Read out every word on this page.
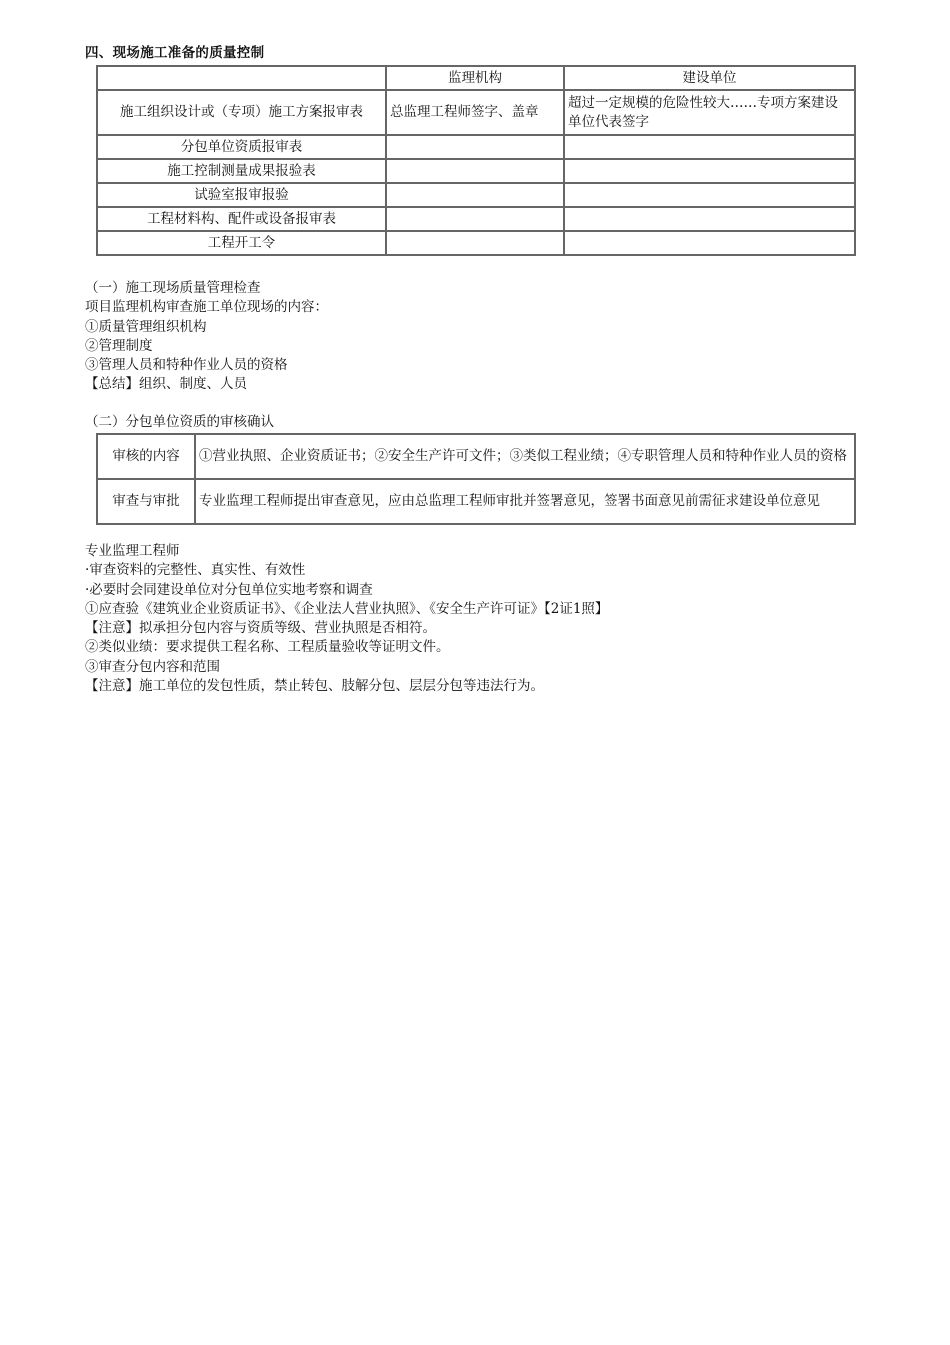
四、现场施工准备的质量控制
	监理机构	建设单位
施工组织设计或（专项）施工方案报审表	总监理工程师签字、盖章	超过一定规模的危险性较大……专项方案建设单位代表签字
分包单位资质报审表		
施工控制测量成果报验表		
试验室报审报验		
工程材料构、配件或设备报审表		
工程开工令		
（一）施工现场质量管理检查
项目监理机构审查施工单位现场的内容：
①质量管理组织机构
②管理制度
③管理人员和特种作业人员的资格
【总结】组织、制度、人员
（二）分包单位资质的审核确认
审核的内容	①营业执照、企业资质证书；②安全生产许可文件；③类似工程业绩；④专职管理人员和特种作业人员的资格
审查与审批	专业监理工程师提出审查意见，应由总监理工程师审批并签署意见，签署书面意见前需征求建设单位意见
专业监理工程师
·审查资料的完整性、真实性、有效性
·必要时会同建设单位对分包单位实地考察和调查
①应查验《建筑业企业资质证书》、《企业法人营业执照》、《安全生产许可证》【2证1照】
【注意】拟承担分包内容与资质等级、营业执照是否相符。
②类似业绩：要求提供工程名称、工程质量验收等证明文件。
③审查分包内容和范围
【注意】施工单位的发包性质，禁止转包、肢解分包、层层分包等违法行为。
